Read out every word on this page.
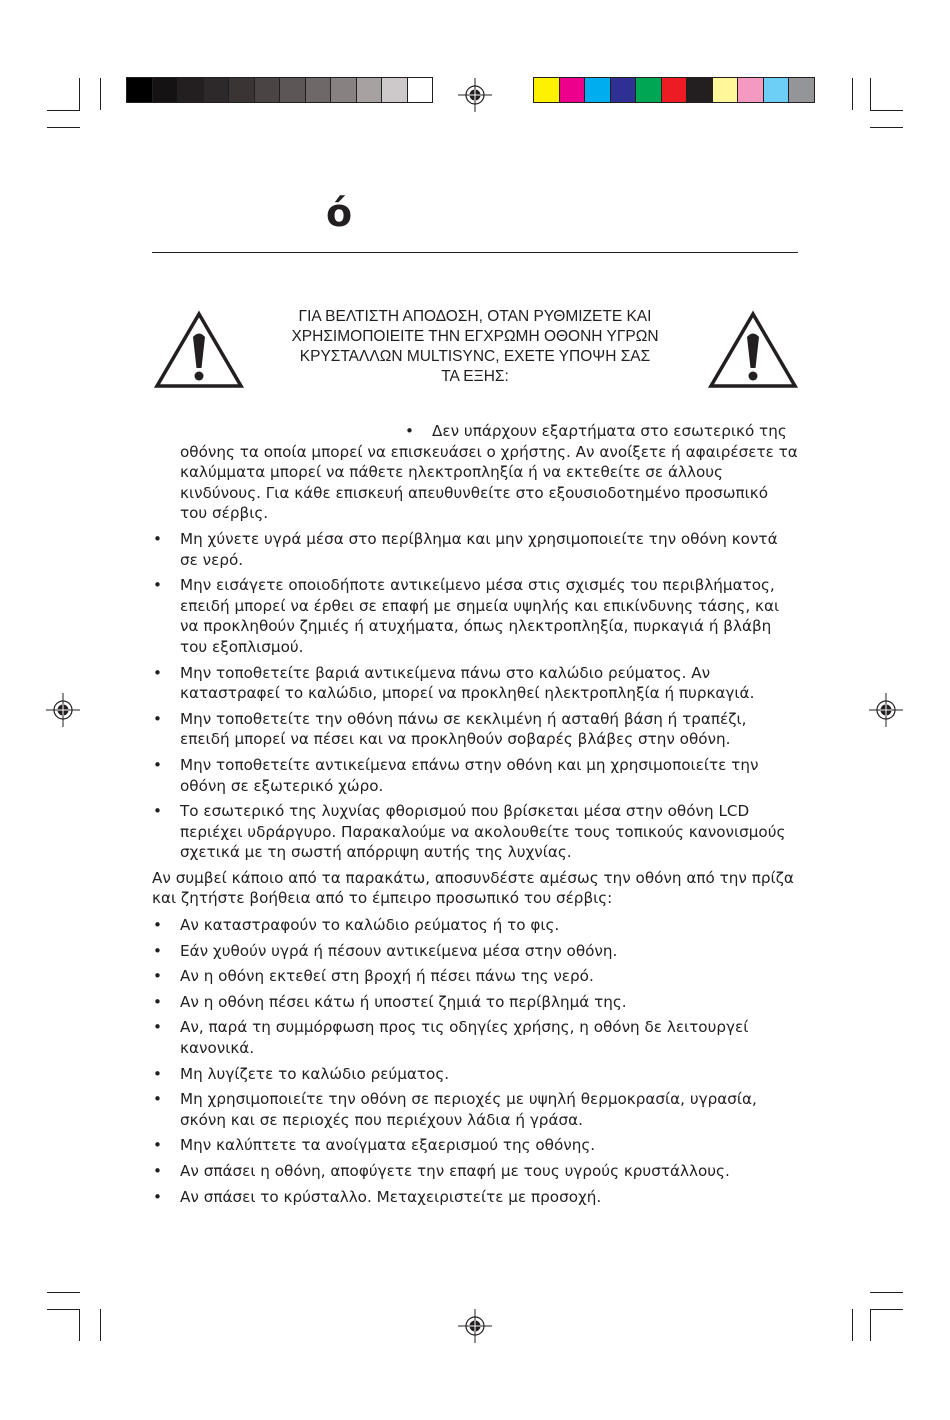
ό

ΓΙΑ ΒΕΛΤΙΣΤΗ ΑΠΟΔΟΣΗ, ΟΤΑΝ ΡΥΘΜΙΖΕΤΕ ΚΑΙ
ΧΡΗΣΙΜΟΠΟΙΕΙΤΕ ΤΗΝ ΕΓΧΡΩΜΗ ΟΘΟΝΗ ΥΓΡΩΝ
ΚΡΥΣΤΑΛΛΩΝ MULTISYNC, ΕΧΕΤΕ ΥΠΟΨΗ ΣΑΣ
ΤΑ ΕΞΗΣ:

• Δεν υπάρχουν εξαρτήματα στο εσωτερικό της οθόνης τα οποία μπορεί να επισκευάσει ο χρήστης. Αν ανοίξετε ή αφαιρέσετε τα καλύμματα μπορεί να πάθετε ηλεκτροπληξία ή να εκτεθείτε σε άλλους κινδύνους. Για κάθε επισκευή απευθυνθείτε στο εξουσιοδοτημένο προσωπικό του σέρβις.
• Μη χύνετε υγρά μέσα στο περίβλημα και μην χρησιμοποιείτε την οθόνη κοντά σε νερό.
• Μην εισάγετε οποιοδήποτε αντικείμενο μέσα στις σχισμές του περιβλήματος, επειδή μπορεί να έρθει σε επαφή με σημεία υψηλής και επικίνδυνης τάσης, και να προκληθούν ζημιές ή ατυχήματα, όπως ηλεκτροπληξία, πυρκαγιά ή βλάβη του εξοπλισμού.
• Μην τοποθετείτε βαριά αντικείμενα πάνω στο καλώδιο ρεύματος. Αν καταστραφεί το καλώδιο, μπορεί να προκληθεί ηλεκτροπληξία ή πυρκαγιά.
• Μην τοποθετείτε την οθόνη πάνω σε κεκλιμένη ή ασταθή βάση ή τραπέζι, επειδή μπορεί να πέσει και να προκληθούν σοβαρές βλάβες στην οθόνη.
• Μην τοποθετείτε αντικείμενα επάνω στην οθόνη και μη χρησιμοποιείτε την οθόνη σε εξωτερικό χώρο.
• Το εσωτερικό της λυχνίας φθορισμού που βρίσκεται μέσα στην οθόνη LCD περιέχει υδράργυρο. Παρακαλούμε να ακολουθείτε τους τοπικούς κανονισμούς σχετικά με τη σωστή απόρριψη αυτής της λυχνίας.

Αν συμβεί κάποιο από τα παρακάτω, αποσυνδέστε αμέσως την οθόνη από την πρίζα και ζητήστε βοήθεια από το έμπειρο προσωπικό του σέρβις:

• Αν καταστραφούν το καλώδιο ρεύματος ή το φις.
• Εάν χυθούν υγρά ή πέσουν αντικείμενα μέσα στην οθόνη.
• Αν η οθόνη εκτεθεί στη βροχή ή πέσει πάνω της νερό.
• Αν η οθόνη πέσει κάτω ή υποστεί ζημιά το περίβλημά της.
• Αν, παρά τη συμμόρφωση προς τις οδηγίες χρήσης, η οθόνη δε λειτουργεί κανονικά.
• Μη λυγίζετε το καλώδιο ρεύματος.
• Μη χρησιμοποιείτε την οθόνη σε περιοχές με υψηλή θερμοκρασία, υγρασία, σκόνη και σε περιοχές που περιέχουν λάδια ή γράσα.
• Μην καλύπτετε τα ανοίγματα εξαερισμού της οθόνης.
• Αν σπάσει η οθόνη, αποφύγετε την επαφή με τους υγρούς κρυστάλλους.
• Αν σπάσει το κρύσταλλο. Μεταχειριστείτε με προσοχή.
